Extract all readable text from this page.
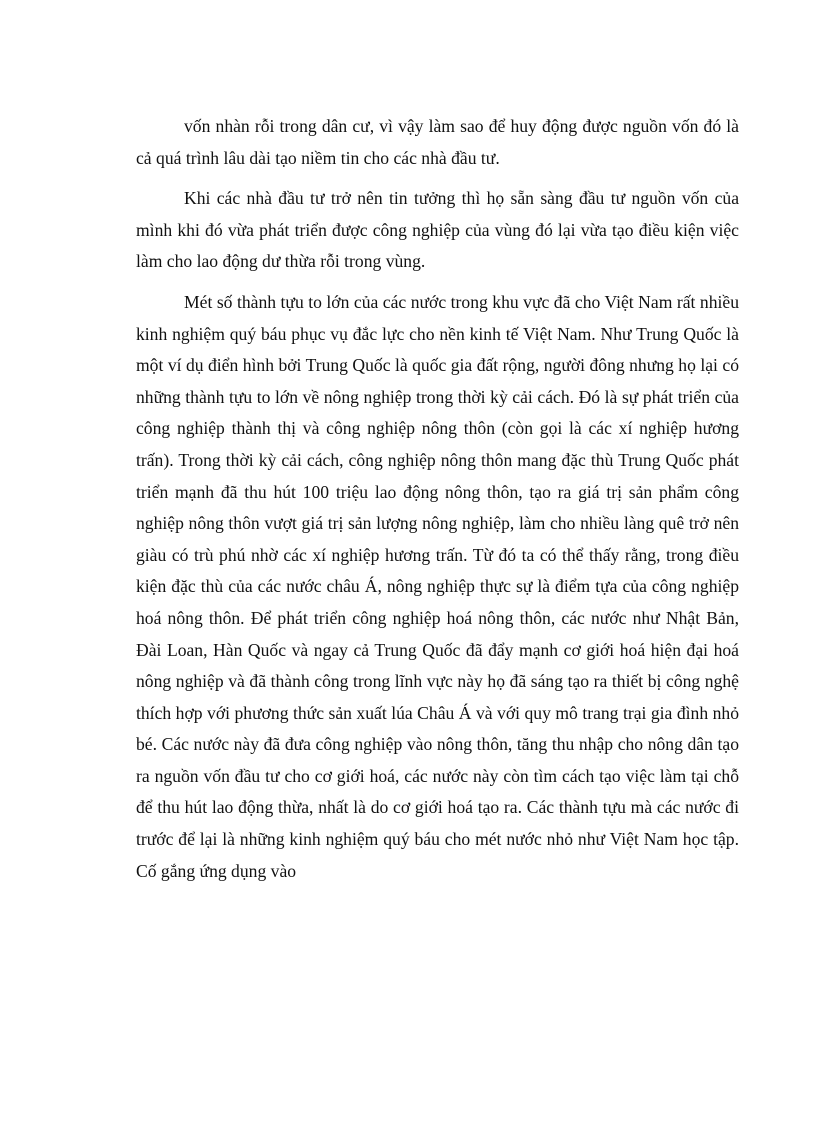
vốn nhàn rỗi trong dân cư, vì vậy làm sao để huy động được nguồn vốn đó là cả quá trình lâu dài tạo niềm tin cho các nhà đầu tư.

Khi các nhà đầu tư trở nên tin tưởng thì họ sẵn sàng đầu tư nguồn vốn của mình khi đó vừa phát triển được công nghiệp của vùng đó lại vừa tạo điều kiện việc làm cho lao động dư thừa rỗi trong vùng.

Mét số thành tựu to lớn của các nước trong khu vực đã cho Việt Nam rất nhiều kinh nghiệm quý báu phục vụ đắc lực cho nền kinh tế Việt Nam. Như Trung Quốc là một ví dụ điển hình bởi Trung Quốc là quốc gia đất rộng, người đông nhưng họ lại có những thành tựu to lớn về nông nghiệp trong thời kỳ cải cách. Đó là sự phát triển của công nghiệp thành thị và công nghiệp nông thôn (còn gọi là các xí nghiệp hương trấn). Trong thời kỳ cải cách, công nghiệp nông thôn mang đặc thù Trung Quốc phát triển mạnh đã thu hút 100 triệu lao động nông thôn, tạo ra giá trị sản phẩm công nghiệp nông thôn vượt giá trị sản lượng nông nghiệp, làm cho nhiều làng quê trở nên giàu có trù phú nhờ các xí nghiệp hương trấn. Từ đó ta có thể thấy rằng, trong điều kiện đặc thù của các nước châu Á, nông nghiệp thực sự là điểm tựa của công nghiệp hoá nông thôn. Để phát triển công nghiệp hoá nông thôn, các nước như Nhật Bản, Đài Loan, Hàn Quốc và ngay cả Trung Quốc đã đẩy mạnh cơ giới hoá hiện đại hoá nông nghiệp và đã thành công trong lĩnh vực này họ đã sáng tạo ra thiết bị công nghệ thích hợp với phương thức sản xuất lúa Châu Á và với quy mô trang trại gia đình nhỏ bé. Các nước này đã đưa công nghiệp vào nông thôn, tăng thu nhập cho nông dân tạo ra nguồn vốn đầu tư cho cơ giới hoá, các nước này còn tìm cách tạo việc làm tại chỗ để thu hút lao động thừa, nhất là do cơ giới hoá tạo ra. Các thành tựu mà các nước đi trước để lại là những kinh nghiệm quý báu cho mét nước nhỏ như Việt Nam học tập. Cố gắng ứng dụng vào
